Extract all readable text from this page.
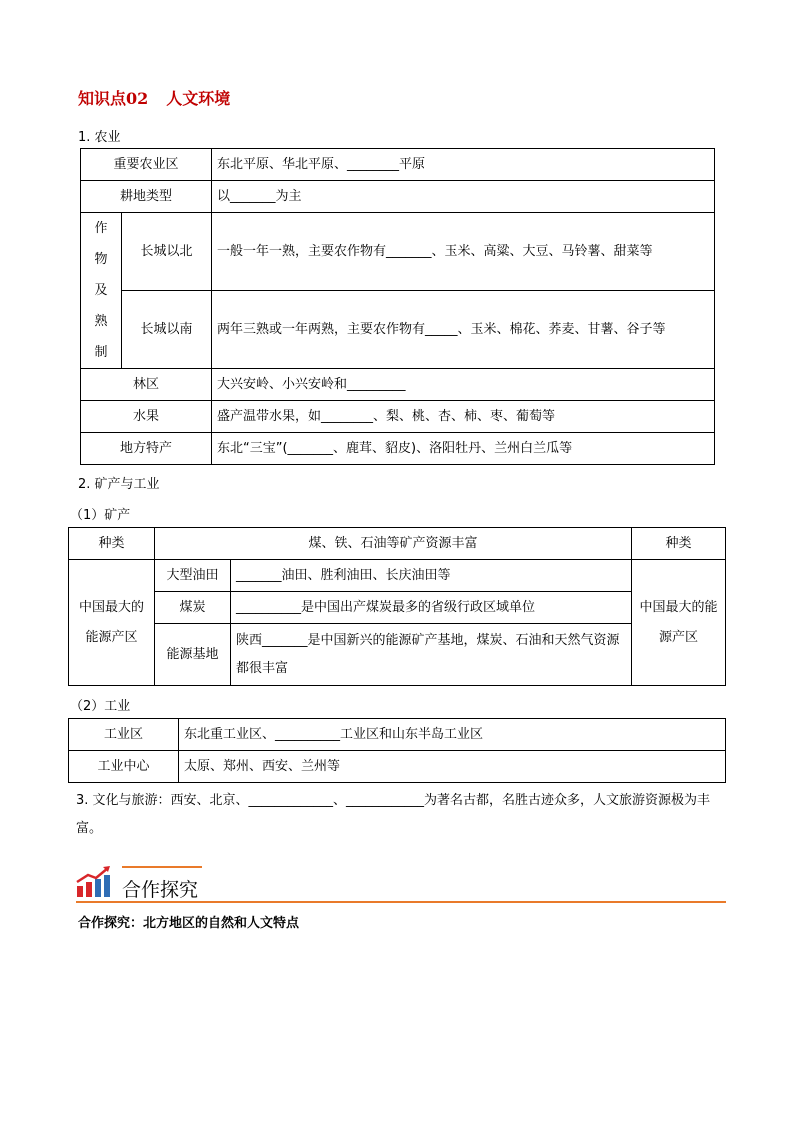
知识点02 人文环境
1. 农业
重要农业区		东北平原、华北平原、________平原
耕地类型		以_______为主

作
物
及
熟
制	长城以北	一般一年一熟，主要农作物有_______、玉米、高粱、大豆、马铃薯、甜菜等
	长城以南	两年三熟或一年两熟，主要农作物有_____、玉米、棉花、荞麦、甘薯、谷子等
林区		大兴安岭、小兴安岭和_________
水果		盛产温带水果，如________、梨、桃、杏、柿、枣、葡萄等
地方特产		东北“三宝”(_______、鹿茸、貂皮)、洛阳牡丹、兰州白兰瓜等
2. 矿产与工业
（1）矿产
种类	煤、铁、石油等矿产资源丰富		种类
中国最大的能源产区	大型油田	_______油田、胜利油田、长庆油田等	中国最大的能源产区
	煤炭	__________是中国出产煤炭最多的省级行政区域单位	
	能源基地	陕西_______是中国新兴的能源矿产基地，煤炭、石油和天然气资源都很丰富	
（2）工业
工业区	东北重工业区、__________工业区和山东半岛工业区
工业中心	太原、郑州、西安、兰州等
3. 文化与旅游：西安、北京、_____________、____________为著名古都，名胜古迹众多，人文旅游资源极为丰富。
合作探究
合作探究：北方地区的自然和人文特点
